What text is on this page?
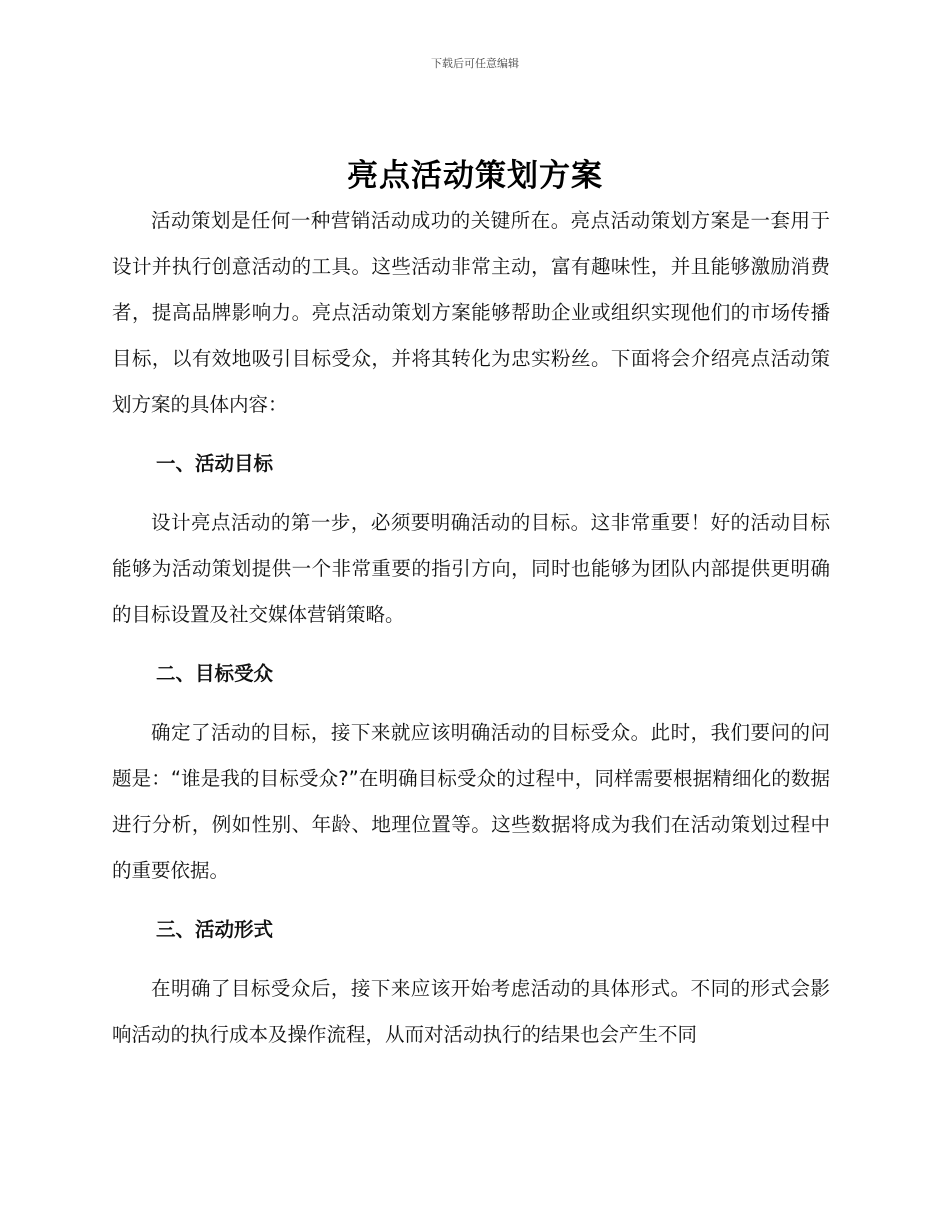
下载后可任意编辑
亮点活动策划方案

活动策划是任何一种营销活动成功的关键所在。亮点活动策划方案是一套用于设计并执行创意活动的工具。这些活动非常主动，富有趣味性，并且能够激励消费者，提高品牌影响力。亮点活动策划方案能够帮助企业或组织实现他们的市场传播目标，以有效地吸引目标受众，并将其转化为忠实粉丝。下面将会介绍亮点活动策划方案的具体内容：

一、活动目标

设计亮点活动的第一步，必须要明确活动的目标。这非常重要！好的活动目标能够为活动策划提供一个非常重要的指引方向，同时也能够为团队内部提供更明确的目标设置及社交媒体营销策略。

二、目标受众

确定了活动的目标，接下来就应该明确活动的目标受众。此时，我们要问的问题是：“谁是我的目标受众?”在明确目标受众的过程中，同样需要根据精细化的数据进行分析，例如性别、年龄、地理位置等。这些数据将成为我们在活动策划过程中的重要依据。

三、活动形式

在明确了目标受众后，接下来应该开始考虑活动的具体形式。不同的形式会影响活动的执行成本及操作流程，从而对活动执行的结果也会产生不同
